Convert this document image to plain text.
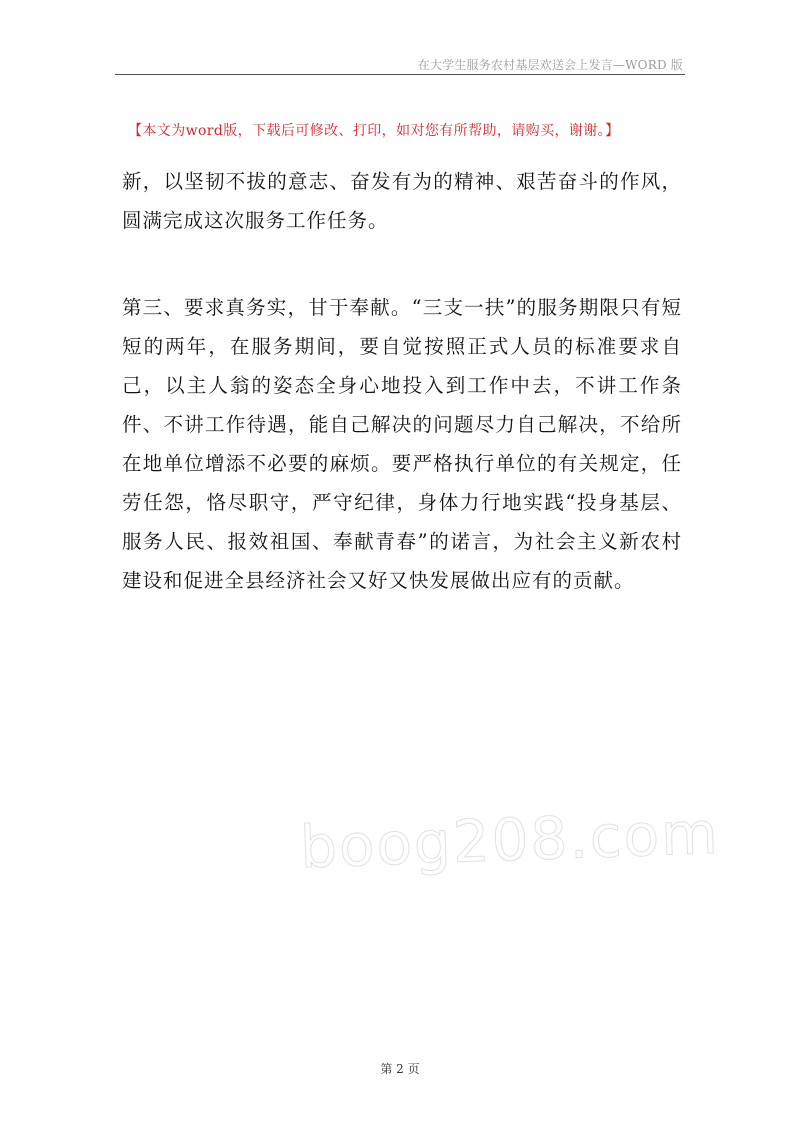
在大学生服务农村基层欢送会上发言—WORD 版
【本文为word版，下载后可修改、打印，如对您有所帮助，请购买，谢谢。】
新，以坚韧不拔的意志、奋发有为的精神、艰苦奋斗的作风，圆满完成这次服务工作任务。
第三、要求真务实，甘于奉献。“三支一扶”的服务期限只有短短的两年，在服务期间，要自觉按照正式人员的标准要求自己，以主人翁的姿态全身心地投入到工作中去，不讲工作条件、不讲工作待遇，能自己解决的问题尽力自己解决，不给所在地单位增添不必要的麻烦。要严格执行单位的有关规定，任劳任怨，恪尽职守，严守纪律，身体力行地实践“投身基层、服务人民、报效祖国、奉献青春”的诺言，为社会主义新农村建设和促进全县经济社会又好又快发展做出应有的贡献。
boog208.com
第 2 页
